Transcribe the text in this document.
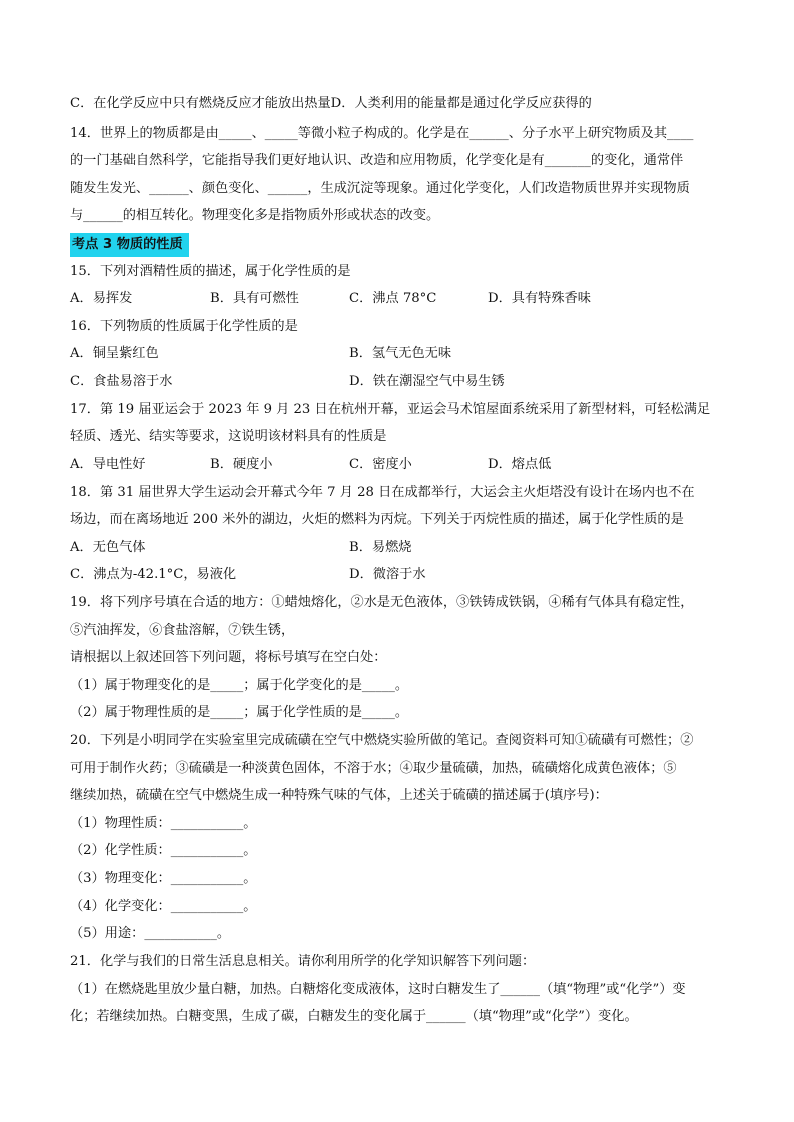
C．在化学反应中只有燃烧反应才能放出热量D．人类利用的能量都是通过化学反应获得的
14．世界上的物质都是由_____、_____等微小粒子构成的。化学是在______、分子水平上研究物质及其____
的一门基础自然科学，它能指导我们更好地认识、改造和应用物质，化学变化是有_______的变化，通常伴
随发生发光、______、颜色变化、______，生成沉淀等现象。通过化学变化，人们改造物质世界并实现物质
与______的相互转化。物理变化多是指物质外形或状态的改变。
考点 3 物质的性质
15．下列对酒精性质的描述，属于化学性质的是
A．易挥发	B．具有可燃性	C．沸点 78°C	D．具有特殊香味
16．下列物质的性质属于化学性质的是
A．铜呈紫红色	B．氢气无色无味
C．食盐易溶于水	D．铁在潮湿空气中易生锈
17．第 19 届亚运会于 2023 年 9 月 23 日在杭州开幕，亚运会马术馆屋面系统采用了新型材料，可轻松满足
轻质、透光、结实等要求，这说明该材料具有的性质是
A．导电性好	B．硬度小	C．密度小	D．熔点低
18．第 31 届世界大学生运动会开幕式今年 7 月 28 日在成都举行，大运会主火炬塔没有设计在场内也不在
场边，而在离场地近 200 米外的湖边，火炬的燃料为丙烷。下列关于丙烷性质的描述，属于化学性质的是
A．无色气体	B．易燃烧
C．沸点为-42.1°C，易液化	D．微溶于水
19．将下列序号填在合适的地方：①蜡烛熔化，②水是无色液体，③铁铸成铁锅，④稀有气体具有稳定性，
⑤汽油挥发，⑥食盐溶解，⑦铁生锈，
请根据以上叙述回答下列问题，将标号填写在空白处：
（1）属于物理变化的是_____；属于化学变化的是_____。
（2）属于物理性质的是_____；属于化学性质的是_____。
20．下列是小明同学在实验室里完成硫磺在空气中燃烧实验所做的笔记。查阅资料可知①硫磺有可燃性；②
可用于制作火药；③硫磺是一种淡黄色固体，不溶于水；④取少量硫磺，加热，硫磺熔化成黄色液体；⑤
继续加热，硫磺在空气中燃烧生成一种特殊气味的气体，上述关于硫磺的描述属于(填序号)：
（1）物理性质：___________。
（2）化学性质：___________。
（3）物理变化：___________。
（4）化学变化：___________。
（5）用途：___________。
21．化学与我们的日常生活息息相关。请你利用所学的化学知识解答下列问题：
（1）在燃烧匙里放少量白糖，加热。白糖熔化变成液体，这时白糖发生了______（填“物理”或“化学”）变
化；若继续加热。白糖变黑，生成了碳，白糖发生的变化属于______（填“物理”或“化学”）变化。
